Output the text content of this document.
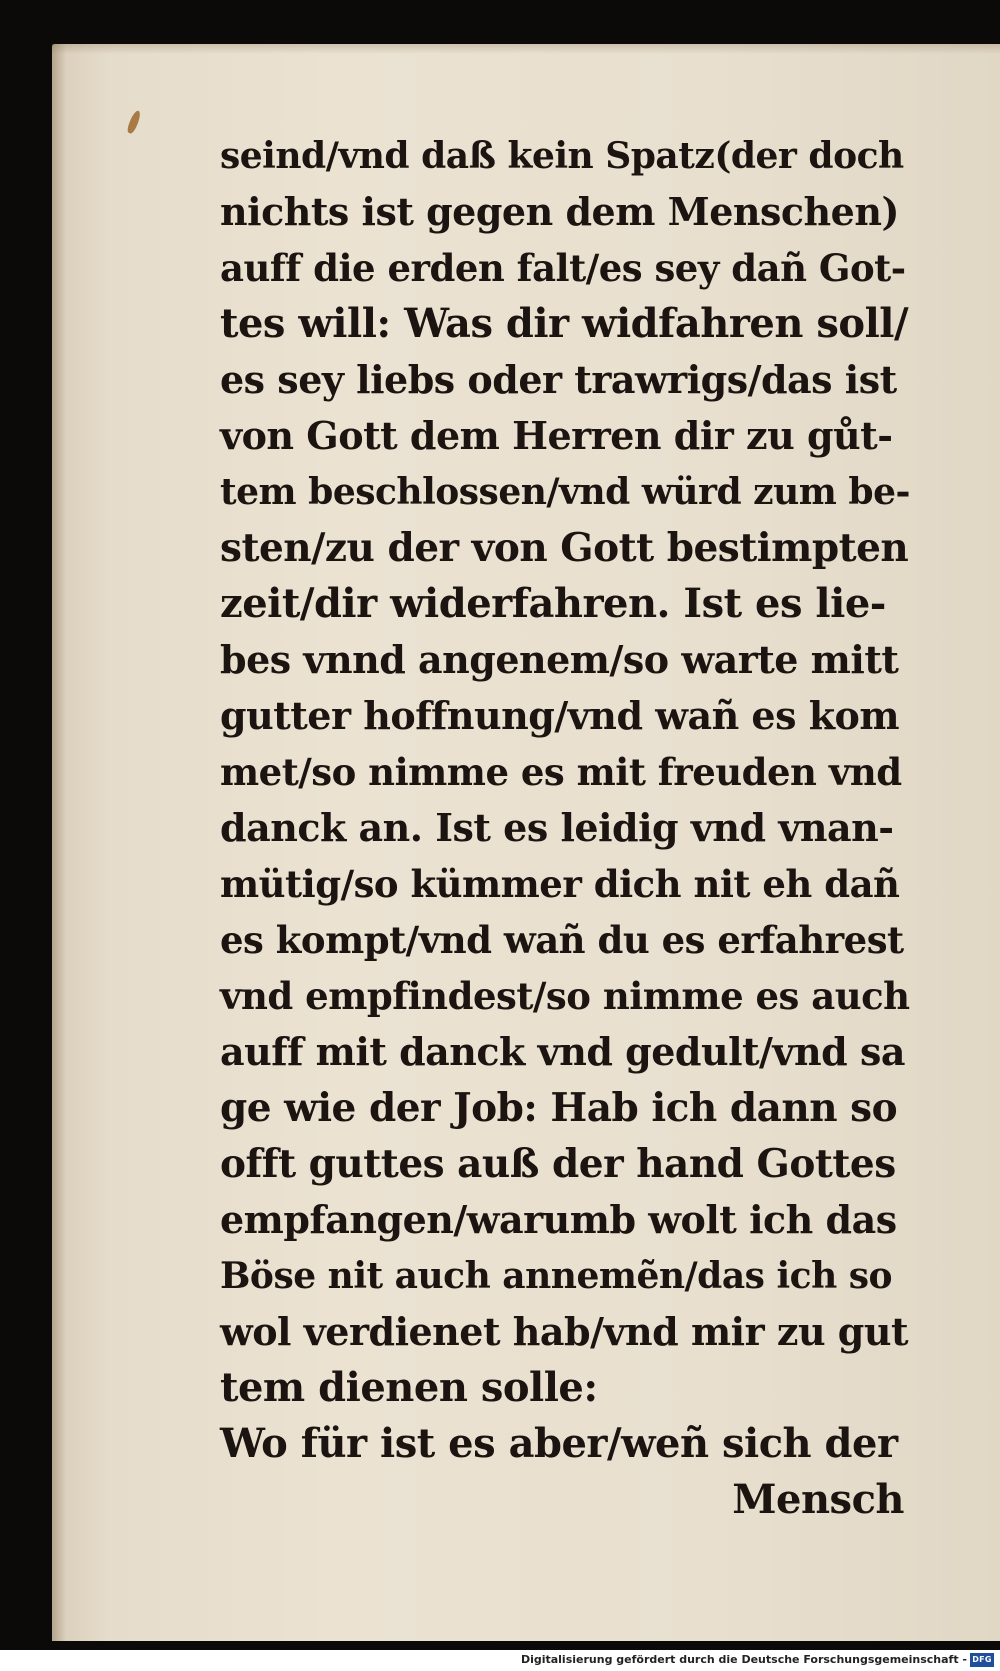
seind/vnd daß kein Spatz(der doch
nichts ist gegen dem Menschen)
auff die erden falt/es sey dañ Got-
tes will: Was dir widfahren soll/
es sey liebs oder trawrigs/das ist
von Gott dem Herren dir zu gůt-
tem beschlossen/vnd würd zum be-
sten/zu der von Gott bestimpten
zeit/dir widerfahren. Ist es lie-
bes vnnd angenem/so warte mitt
gutter hoffnung/vnd wañ es kom
met/so nimme es mit freuden vnd
danck an. Ist es leidig vnd vnan-
mütig/so kümmer dich nit eh dañ
es kompt/vnd wañ du es erfahrest
vnd empfindest/so nimme es auch
auff mit danck vnd gedult/vnd sa
ge wie der Job: Hab ich dann so
offt guttes auß der hand Gottes
empfangen/warumb wolt ich das
Böse nit auch annemẽn/das ich so
wol verdienet hab/vnd mir zu gut
tem dienen solle:
Wo für ist es aber/weñ sich der
Mensch
Digitalisierung gefördert durch die Deutsche Forschungsgemeinschaft - DFG
